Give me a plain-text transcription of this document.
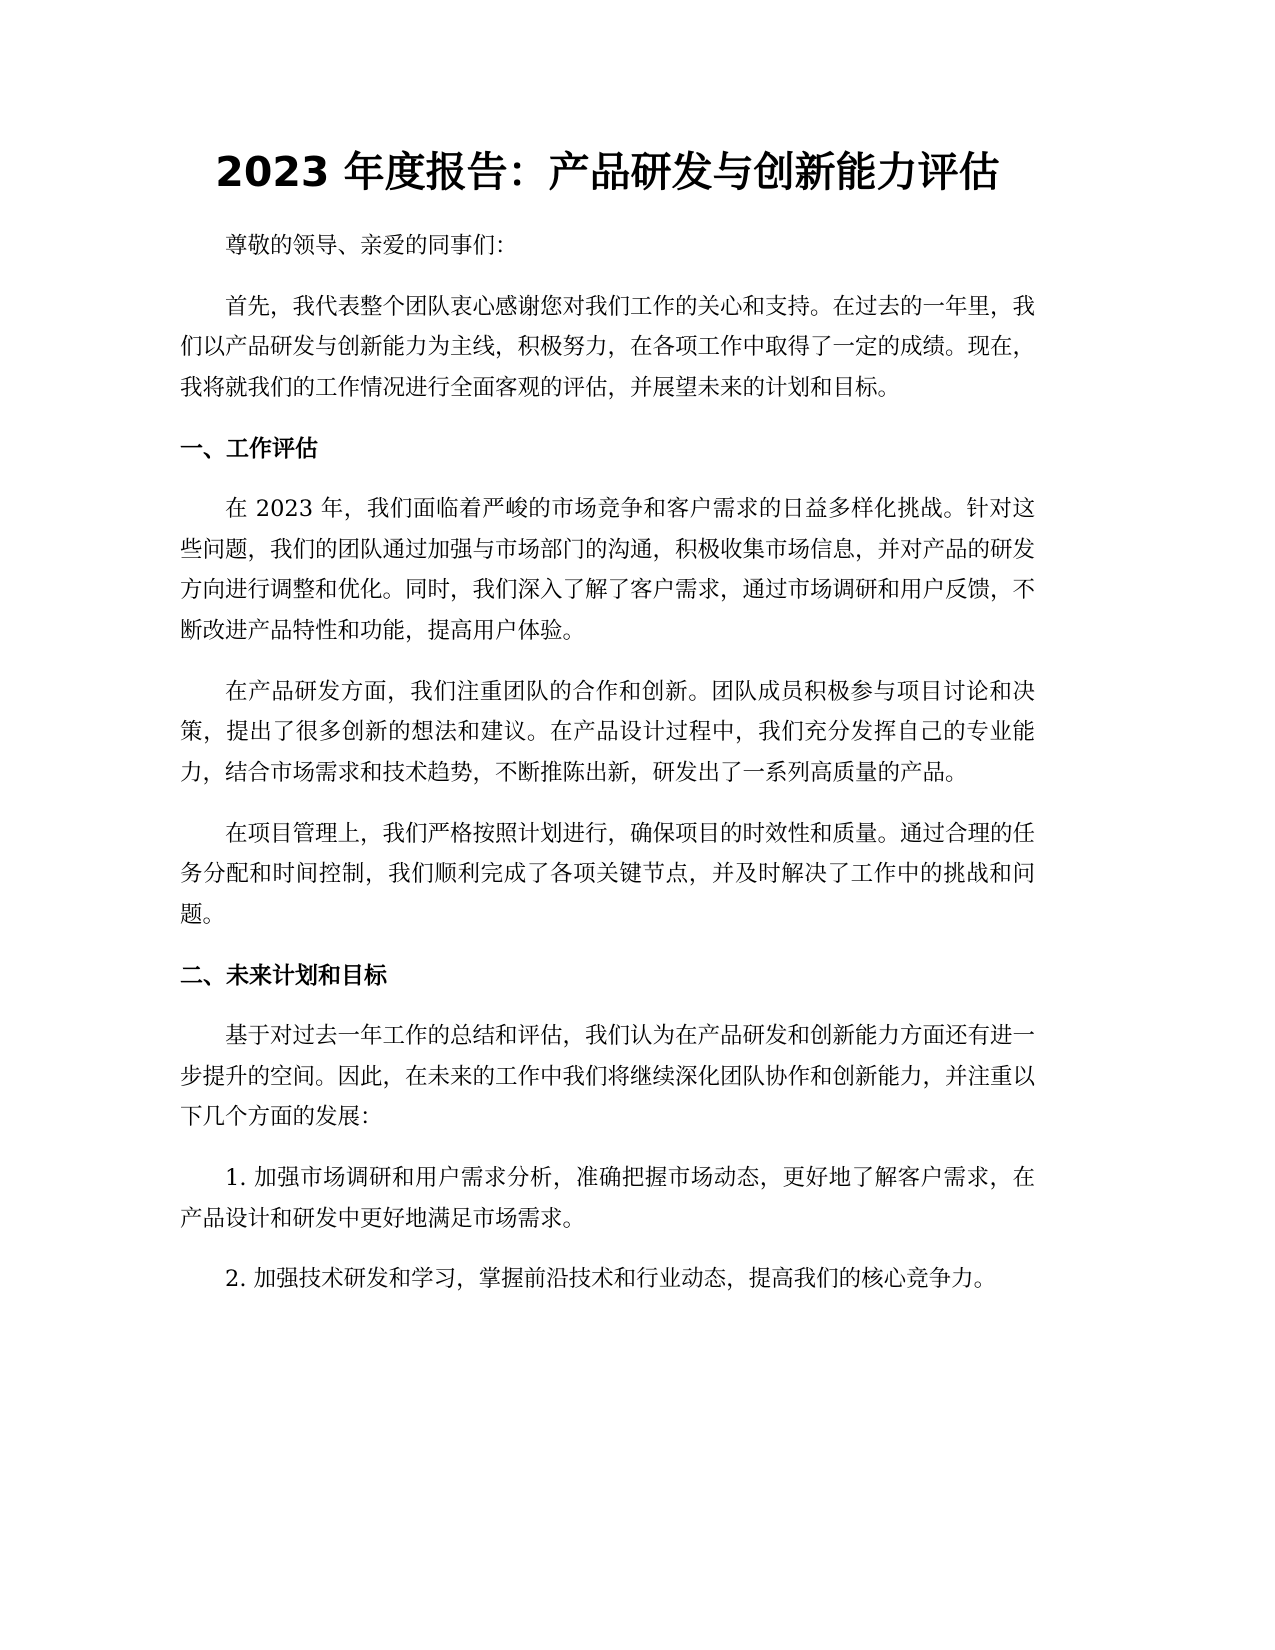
2023 年度报告：产品研发与创新能力评估

尊敬的领导、亲爱的同事们：

首先，我代表整个团队衷心感谢您对我们工作的关心和支持。在过去的一年里，我们以产品研发与创新能力为主线，积极努力，在各项工作中取得了一定的成绩。现在，我将就我们的工作情况进行全面客观的评估，并展望未来的计划和目标。

一、工作评估

在 2023 年，我们面临着严峻的市场竞争和客户需求的日益多样化挑战。针对这些问题，我们的团队通过加强与市场部门的沟通，积极收集市场信息，并对产品的研发方向进行调整和优化。同时，我们深入了解了客户需求，通过市场调研和用户反馈，不断改进产品特性和功能，提高用户体验。

在产品研发方面，我们注重团队的合作和创新。团队成员积极参与项目讨论和决策，提出了很多创新的想法和建议。在产品设计过程中，我们充分发挥自己的专业能力，结合市场需求和技术趋势，不断推陈出新，研发出了一系列高质量的产品。

在项目管理上，我们严格按照计划进行，确保项目的时效性和质量。通过合理的任务分配和时间控制，我们顺利完成了各项关键节点，并及时解决了工作中的挑战和问题。

二、未来计划和目标

基于对过去一年工作的总结和评估，我们认为在产品研发和创新能力方面还有进一步提升的空间。因此，在未来的工作中我们将继续深化团队协作和创新能力，并注重以下几个方面的发展：

1. 加强市场调研和用户需求分析，准确把握市场动态，更好地了解客户需求，在产品设计和研发中更好地满足市场需求。

2. 加强技术研发和学习，掌握前沿技术和行业动态，提高我们的核心竞争力。
